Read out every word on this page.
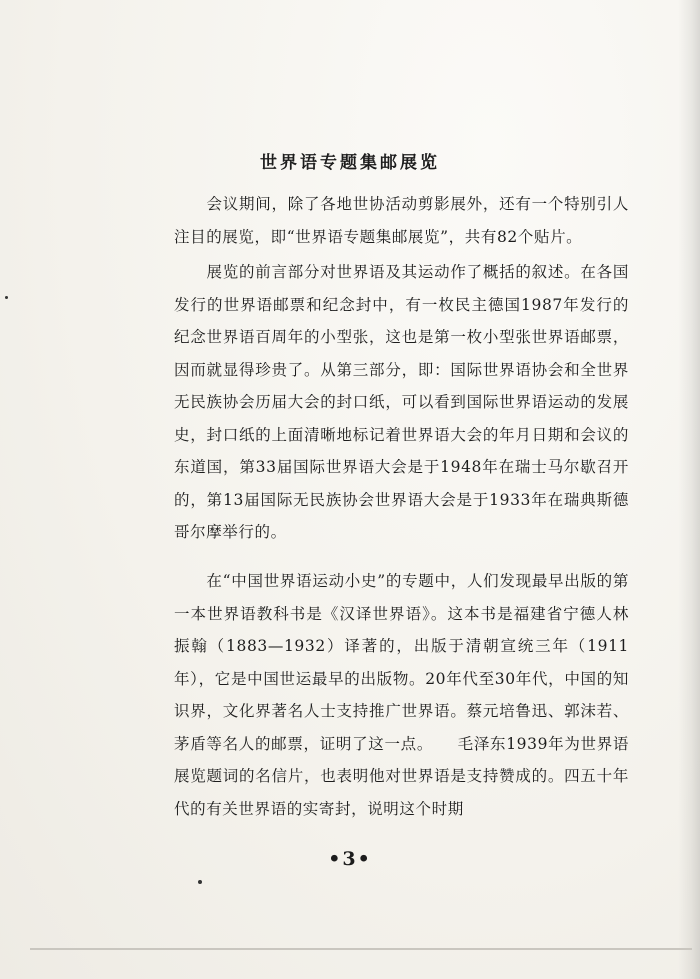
世界语专题集邮展览
　　会议期间，除了各地世协活动剪影展外，还有一个特别引人注目的展览，即“世界语专题集邮展览”，共有82个贴片。
　　展览的前言部分对世界语及其运动作了概括的叙述。在各国发行的世界语邮票和纪念封中，有一枚民主德国1987年发行的纪念世界语百周年的小型张，这也是第一枚小型张世界语邮票，因而就显得珍贵了。从第三部分，即：国际世界语协会和全世界无民族协会历届大会的封口纸，可以看到国际世界语运动的发展史，封口纸的上面清晰地标记着世界语大会的年月日期和会议的东道国，第33届国际世界语大会是于1948年在瑞士马尔歇召开的，第13届国际无民族协会世界语大会是于1933年在瑞典斯德哥尔摩举行的。
　　在“中国世界语运动小史”的专题中，人们发现最早出版的第一本世界语教科书是《汉译世界语》。这本书是福建省宁德人林振翰（1883—1932）译著的，出版于清朝宣统三年（1911年），它是中国世运最早的出版物。20年代至30年代，中国的知识界，文化界著名人士支持推广世界语。蔡元培鲁迅、郭沫若、茅盾等名人的邮票，证明了这一点。　　毛泽东1939年为世界语展览题词的名信片，也表明他对世界语是支持赞成的。四五十年代的有关世界语的实寄封，说明这个时期
•3•
